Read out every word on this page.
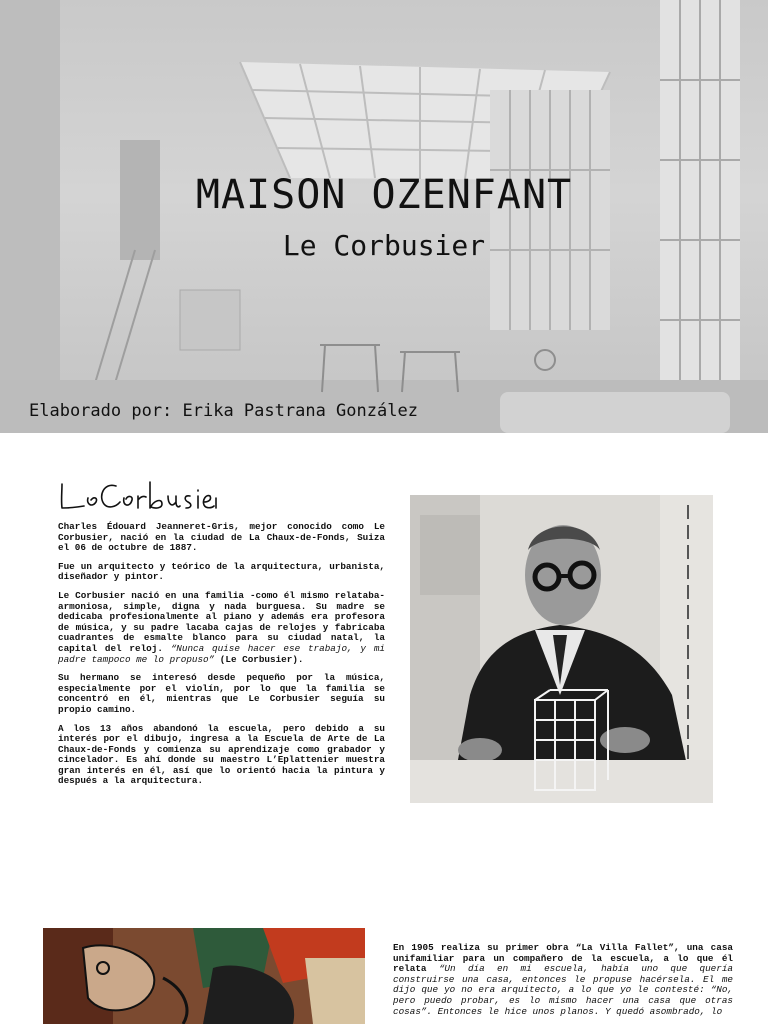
MAISON OZENFANT
Le Corbusier
Elaborado por: Erika Pastrana González

Charles Édouard Jeanneret-Gris, mejor conocido como Le Corbusier, nació en la ciudad de La Chaux-de-Fonds, Suiza el 06 de octubre de 1887.

Fue un arquitecto y teórico de la arquitectura, urbanista, diseñador y pintor.

Le Corbusier nació en una familia -como él mismo relataba- armoniosa, simple, digna y nada burguesa. Su madre se dedicaba profesionalmente al piano y además era profesora de música, y su padre lacaba cajas de relojes y fabricaba cuadrantes de esmalte blanco para su ciudad natal, la capital del reloj. “Nunca quise hacer ese trabajo, y mi padre tampoco me lo propuso” (Le Corbusier).

Su hermano se interesó desde pequeño por la música, especialmente por el violín, por lo que la familia se concentró en él, mientras que Le Corbusier seguía su propio camino.

A los 13 años abandonó la escuela, pero debido a su interés por el dibujo, ingresa a la Escuela de Arte de La Chaux-de-Fonds y comienza su aprendizaje como grabador y cincelador. Es ahí donde su maestro L’Eplattenier muestra gran interés en él, así que lo orientó hacia la pintura y después a la arquitectura.

En 1905 realiza su primer obra “La Villa Fallet”, una casa unifamiliar para un compañero de la escuela, a lo que él relata “Un día en mi escuela, había uno que quería construirse una casa, entonces le propuse hacérsela. El me dijo que yo no era arquitecto, a lo que yo le contesté: “No, pero puedo probar, es lo mismo hacer una casa que otras cosas”. Entonces le hice unos planos. Y quedó asombrado, lo
